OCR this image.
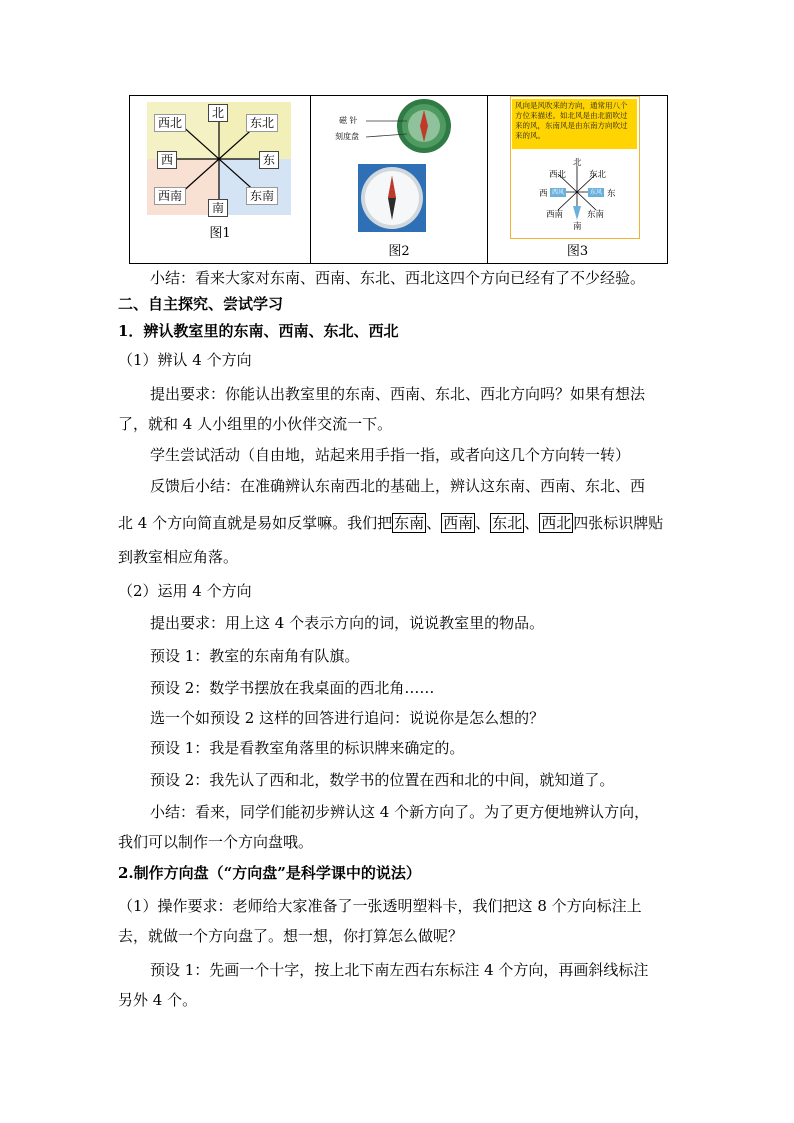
北
南
西	东
西北	东北
西南	东南
图1
磁 针
刻度盘
图2
风向是风吹来的方向，通常用八个方位来描述。如北风是由北面吹过来的风，东南风是由东南方向吹过来的风。
北
南
西	东
西北	东北
西南	东南
西风	东风
图3
小结：看来大家对东南、西南、东北、西北这四个方向已经有了不少经验。
二、自主探究、尝试学习
1．辨认教室里的东南、西南、东北、西北
（1）辨认 4 个方向
提出要求：你能认出教室里的东南、西南、东北、西北方向吗？如果有想法
了，就和 4 人小组里的小伙伴交流一下。
学生尝试活动（自由地，站起来用手指一指，或者向这几个方向转一转）
反馈后小结：在准确辨认东南西北的基础上，辨认这东南、西南、东北、西
北 4 个方向简直就是易如反掌嘛。我们把 东南 、 西南 、 东北 、 西北 四张标识牌贴
到教室相应角落。
（2）运用 4 个方向
提出要求：用上这 4 个表示方向的词，说说教室里的物品。
预设 1：教室的东南角有队旗。
预设 2：数学书摆放在我桌面的西北角……
选一个如预设 2 这样的回答进行追问：说说你是怎么想的？
预设 1：我是看教室角落里的标识牌来确定的。
预设 2：我先认了西和北，数学书的位置在西和北的中间，就知道了。
小结：看来，同学们能初步辨认这 4 个新方向了。为了更方便地辨认方向，
我们可以制作一个方向盘哦。
2.制作方向盘（“方向盘”是科学课中的说法）
（1）操作要求：老师给大家准备了一张透明塑料卡，我们把这 8 个方向标注上
去，就做一个方向盘了。想一想，你打算怎么做呢？
预设 1：先画一个十字，按上北下南左西右东标注 4 个方向，再画斜线标注
另外 4 个。
